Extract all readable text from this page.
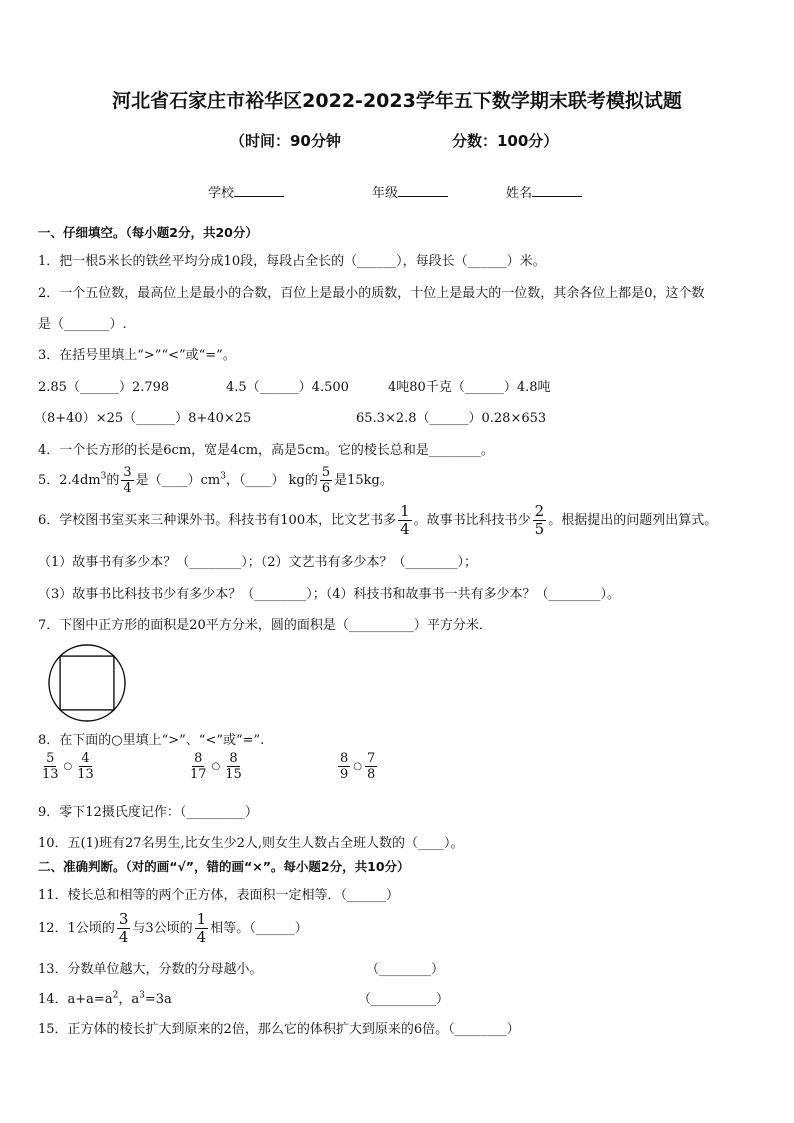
河北省石家庄市裕华区2022-2023学年五下数学期末联考模拟试题
（时间：90分钟	分数：100分）
学校	年级	姓名
一、仔细填空。（每小题2分，共20分）
1．把一根5米长的铁丝平均分成10段，每段占全长的（______），每段长（______）米。
2．一个五位数，最高位上是最小的合数，百位上是最小的质数，十位上是最大的一位数，其余各位上都是0，这个数
是（_______）.
3．在括号里填上“>”“<”或“=”。
2.85（______）2.798	4.5（______）4.500	4吨80千克（______）4.8吨
（8+40）×25（______）8+40×25	65.3×2.8（______）0.28×653
4．一个长方形的长是6cm，宽是4cm，高是5cm。它的棱长总和是________。
5．$2.4dm^3$的 $\frac{3}{4}$ 是$(\_\_\_\_)cm^3$，（____） kg的 $\frac{5}{6}$ 是15kg。
6．学校图书室买来三种课外书。科技书有100本，比文艺书多 $\frac{1}{4}$ 。故事书比科技书少 $\frac{2}{5}$ 。根据提出的问题列出算式。
（1）故事书有多少本？（________）；（2）文艺书有多少本？（________）；
（3）故事书比科技书少有多少本？（________）；（4）科技书和故事书一共有多少本？（________）。
7．下图中正方形的面积是20平方分米，圆的面积是（__________）平方分米．
8．在下面的○里填上“>”、“<”或“=”.
$\frac{5}{13}$ ○ $\frac{4}{13}$	$\frac{8}{17}$ ○ $\frac{8}{15}$	$\frac{8}{9}$ ○ $\frac{7}{8}$
9．零下12摄氏度记作：（_________）
10．五(1)班有27名男生,比女生少2人,则女生人数占全班人数的（____）。
二、准确判断。（对的画“√”，错的画“×”。每小题2分，共10分）
11．棱长总和相等的两个正方体，表面积一定相等．（______）
12．1公顷的 $\frac{3}{4}$ 与3公顷的 $\frac{1}{4}$ 相等。（______）
13．分数单位越大，分数的分母越小。	（________）
14．$a+a=a^2$，$a^3=3a$	（__________）
15．正方体的棱长扩大到原来的2倍，那么它的体积扩大到原来的6倍。（________）
